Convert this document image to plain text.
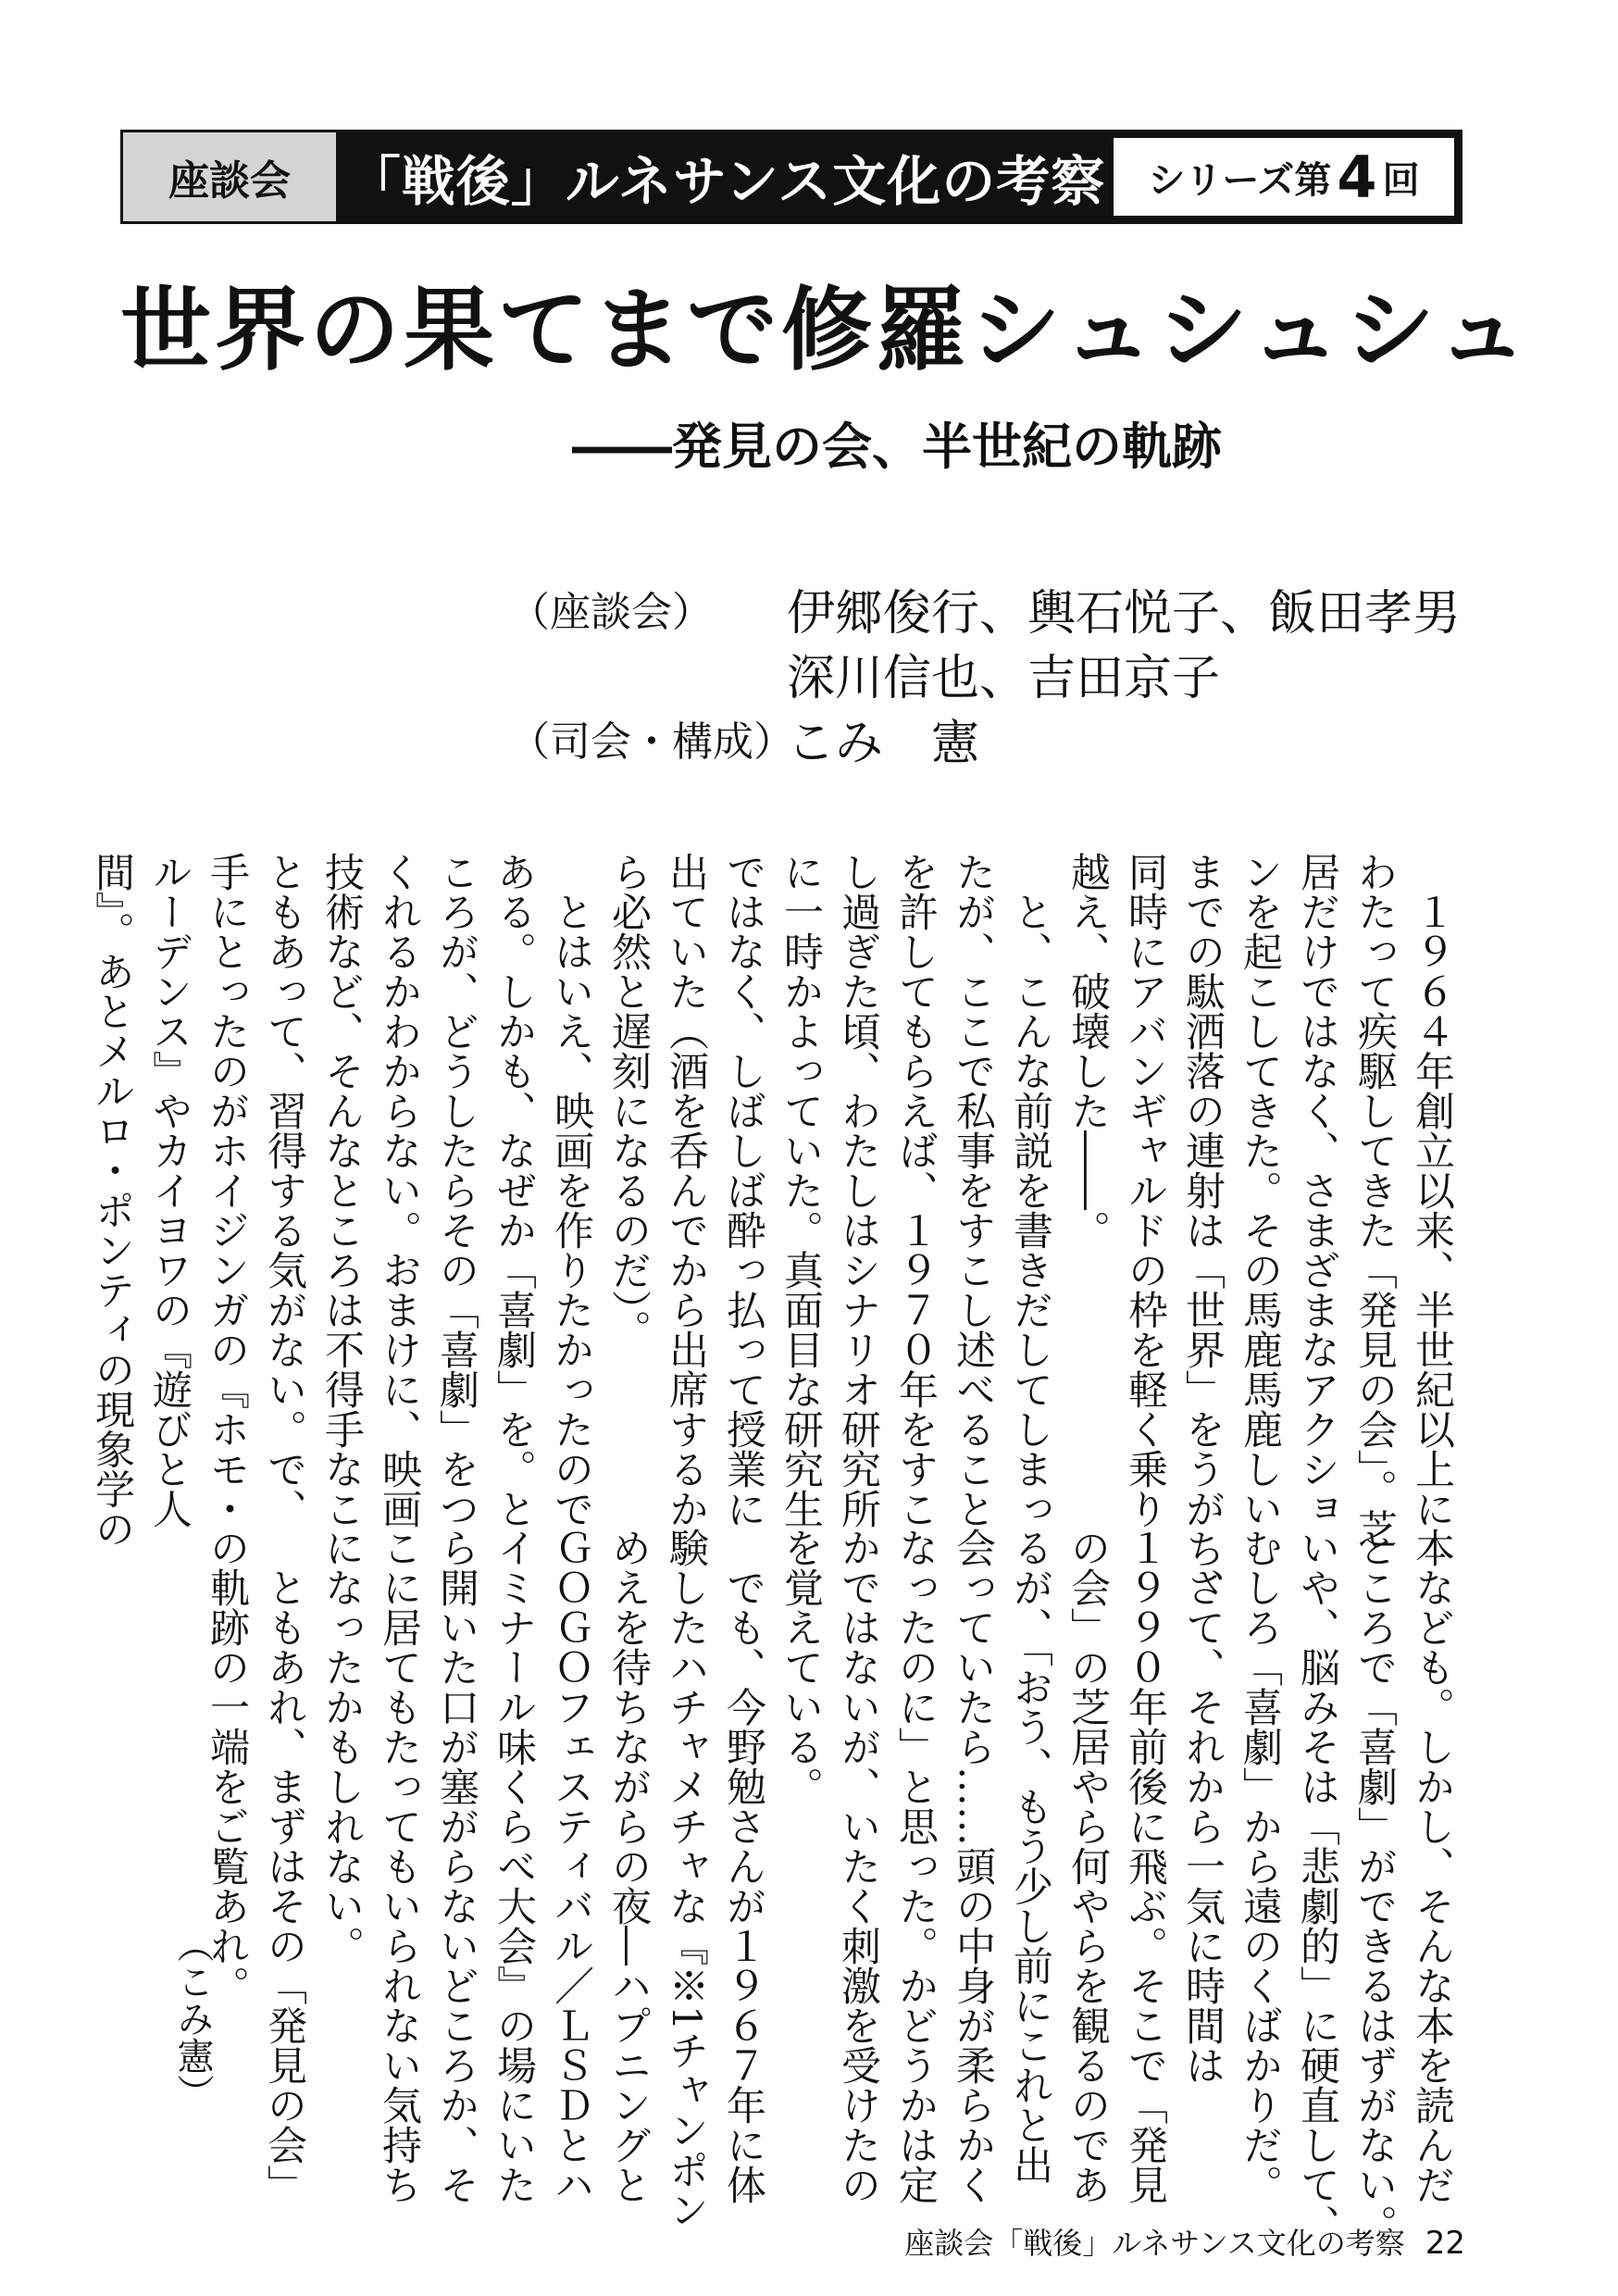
座談会	「戦後」ルネサンス文化の考察 シリーズ第 4 回
世界の果てまで修羅シュシュシュ
――発見の会、半世紀の軌跡
（座談会） 伊郷俊行、輿石悦子、飯田孝男
深川信也、吉田京子
（司会・構成）
こみ　憲
　１９６４年創立以来、半世紀以上に
わたって疾駆してきた「発見の会」。芝
居だけではなく、さまざまなアクショ
ンを起こしてきた。その馬鹿馬鹿しい
までの駄洒落の連射は「世界」をうがち、
同時にアバンギャルドの枠を軽く乗り
越え、破壊した――。
　と、こんな前説を書きだしてしまっ
たが、ここで私事をすこし述べること
を許してもらえば、１９７０年をすこ
し過ぎた頃、わたしはシナリオ研究所
に一時かよっていた。真面目な研究生
ではなく、しばしば酔っ払って授業に
出ていた（酒を呑んでから出席するか
ら必然と遅刻になるのだ）。
　とはいえ、映画を作りたかったので
ある。しかも、なぜか「喜劇」を。と
ころが、どうしたらその「喜劇」をつ
くれるかわからない。おまけに、映画
技術など、そんなところは不得手なこ
ともあって、習得する気がない。で、
手にとったのがホイジンガの『ホモ・
ルーデンス』やカイヨワの『遊びと人
間』。あとメルロ・ポンティの現象学の
本なども。しかし、そんな本を読んだ
ところで「喜劇」ができるはずがない。
いや、脳みそは「悲劇的」に硬直して、
むしろ「喜劇」から遠のくばかりだ。
　さて、それから一気に時間は
１９９０年前後に飛ぶ。そこで「発見
の会」の芝居やら何やらを観るのであ
るが、「おう、もう少し前にこれと出
会っていたら……頭の中身が柔らかく
なったのに」と思った。かどうかは定
かではないが、いたく刺激を受けたの
を覚えている。
　でも、今野勉さんが１９６７年に体
験したハチャメチャな『※1チャンポン
めえを待ちながらの夜―ハプニングと
ＧＯＧＯフェスティバル／ＬＳＤとハ
イミナール味くらべ大会』の場にいた
ら開いた口が塞がらないどころか、そ
こに居てもたってもいられない気持ち
になったかもしれない。
　ともあれ、まずはその「発見の会」
の軌跡の一端をご覧あれ。
（こみ憲）
座談会「戦後」ルネサンス文化の考察 22
